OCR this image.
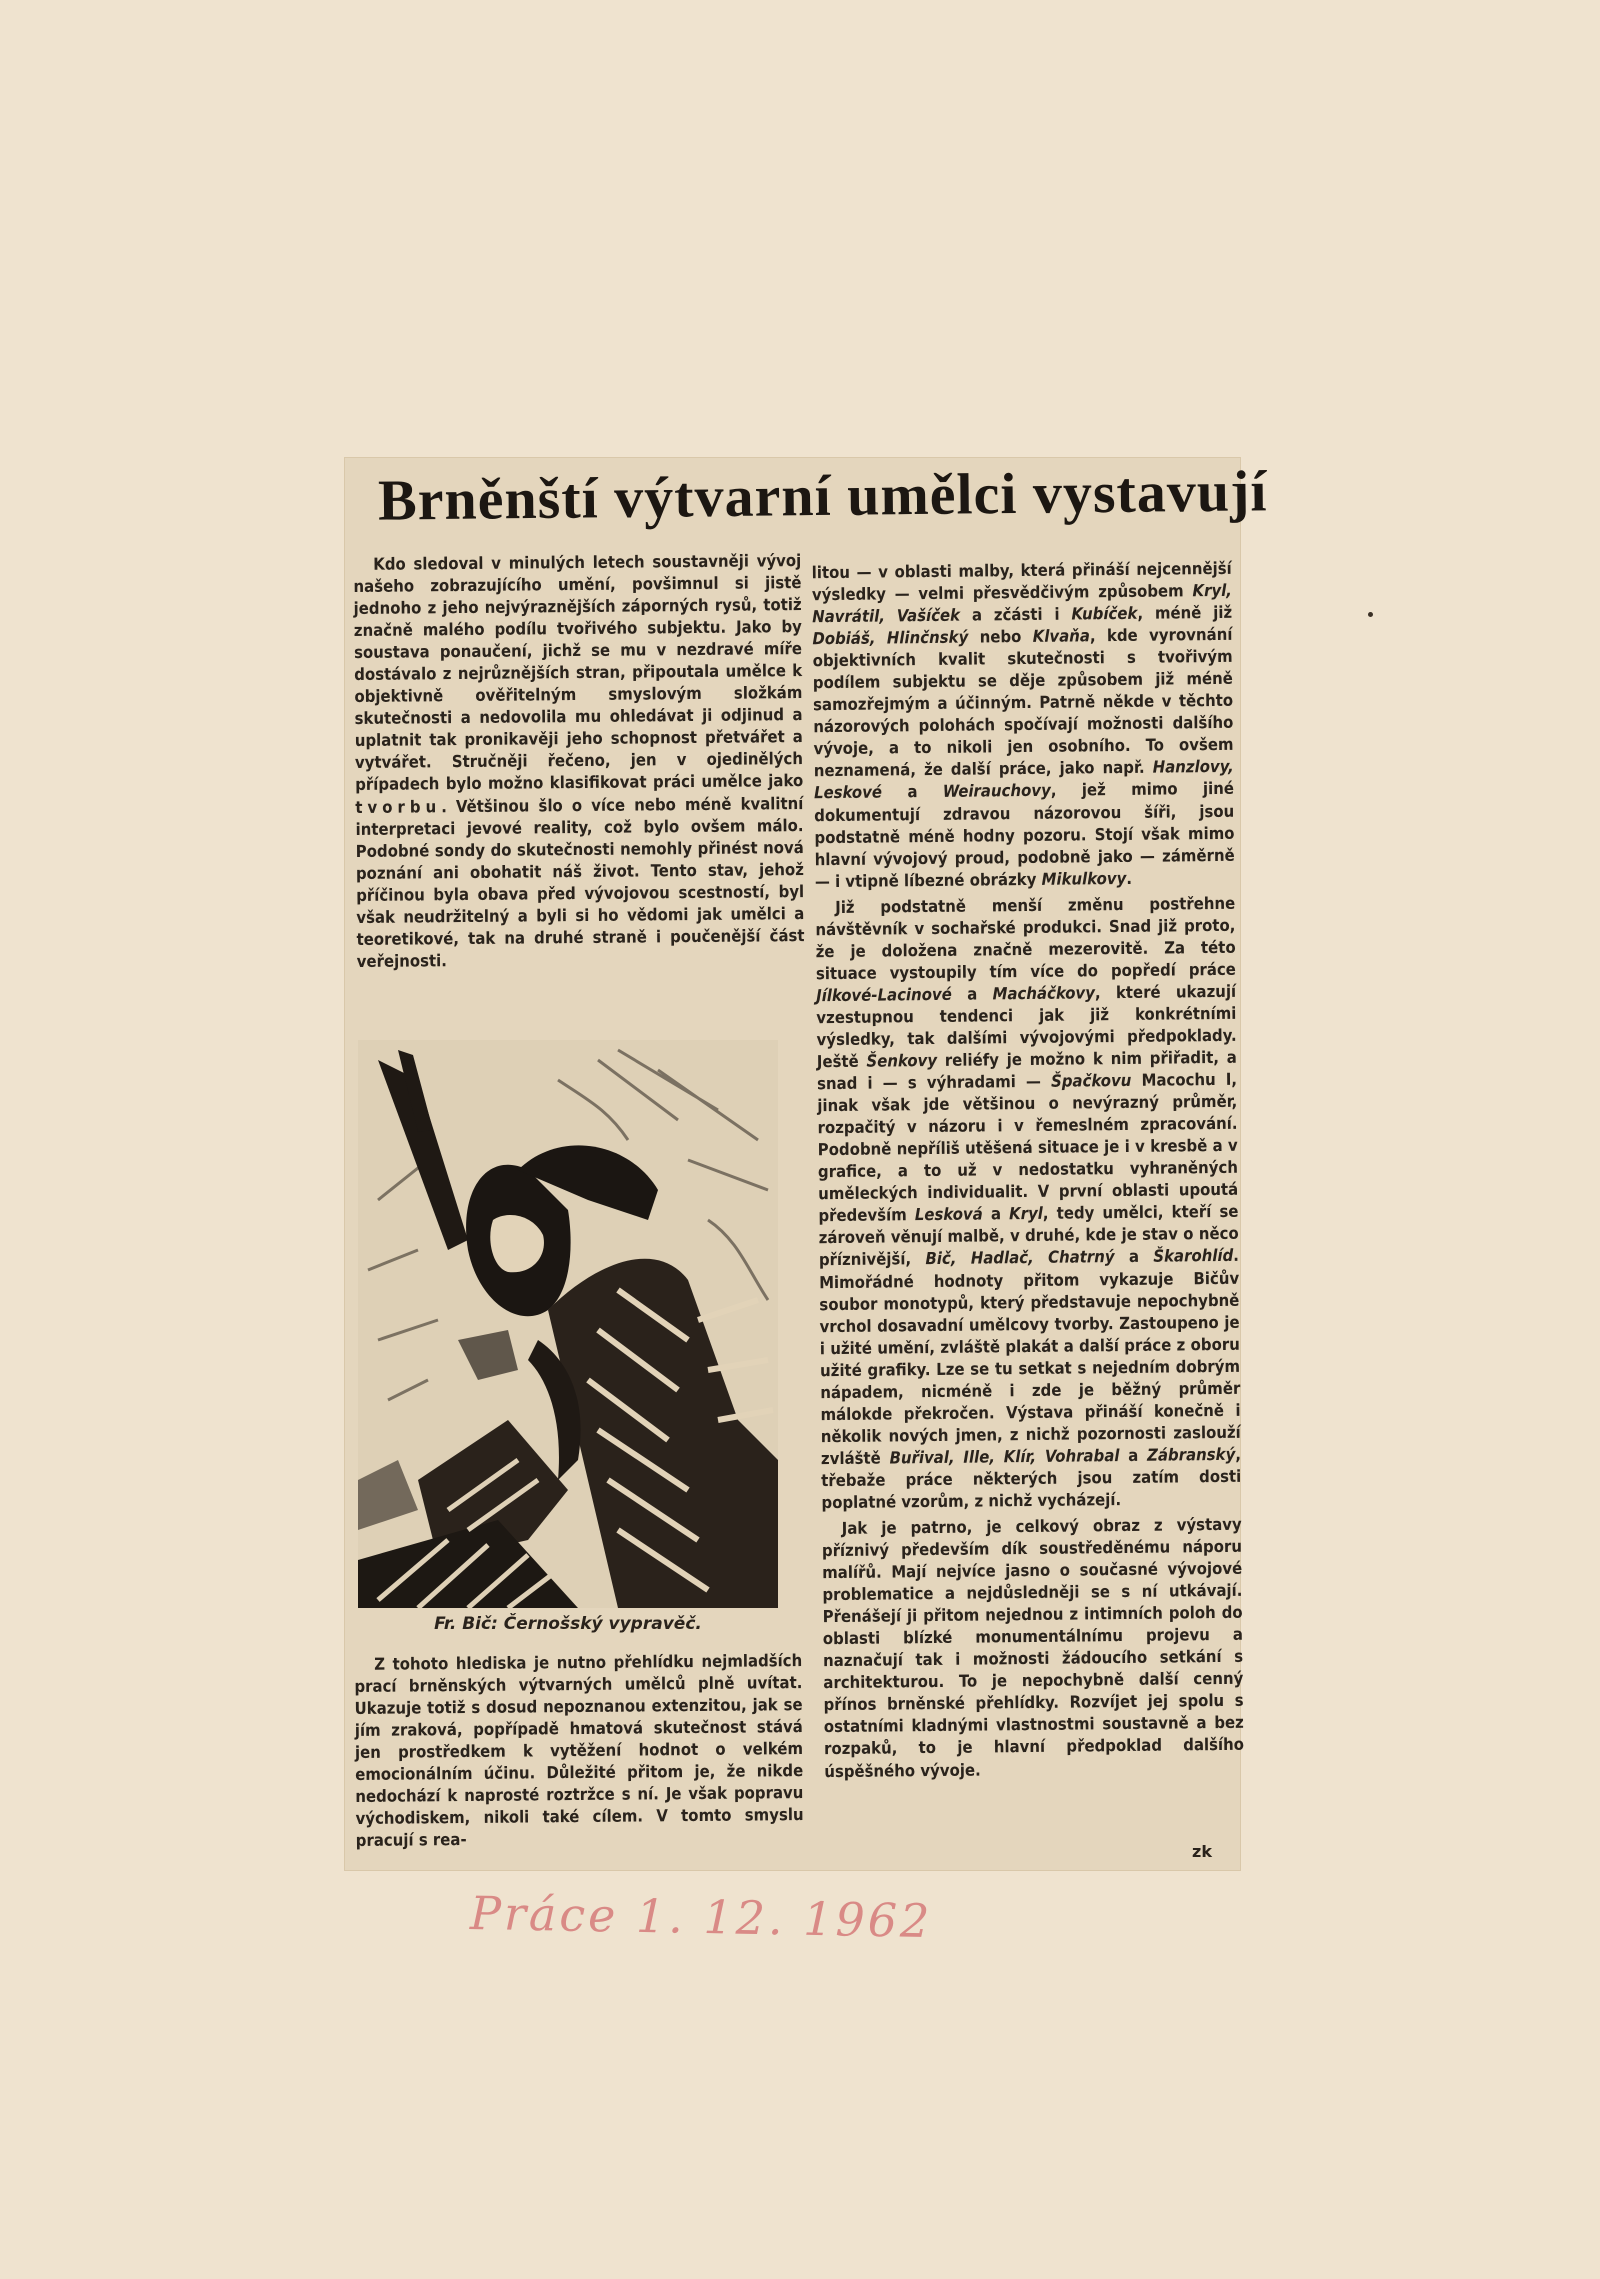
Brněnští výtvarní umělci vystavují

Kdo sledoval v minulých letech soustavněji vývoj našeho zobrazujícího umění, povšimnul si jistě jednoho z jeho nejvýraznějších záporných rysů, totiž značně malého podílu tvořivého subjektu. Jako by soustava ponaučení, jichž se mu v nezdravé míře dostávalo z nejrůznějších stran, připoutala umělce k objektivně ověřitelným smyslovým složkám skutečnosti a nedovolila mu ohledávat ji odjinud a uplatnit tak pronikavěji jeho schopnost přetvářet a vytvářet. Stručněji řečeno, jen v ojedinělých případech bylo možno klasifikovat práci umělce jako tvorbu. Většinou šlo o více nebo méně kvalitní interpretaci jevové reality, což bylo ovšem málo. Podobné sondy do skutečnosti nemohly přinést nová poznání ani obohatit náš život. Tento stav, jehož příčinou byla obava před vývojovou scestností, byl však neudržitelný a byli si ho vědomi jak umělci a teoretikové, tak na druhé straně i poučenější část veřejnosti.

Fr. Bič: Černošský vypravěč.

Z tohoto hlediska je nutno přehlídku nejmladších prací brněnských výtvarných umělců plně uvítat. Ukazuje totiž s dosud nepoznanou extenzitou, jak se jím zraková, popřípadě hmatová skutečnost stává jen prostředkem k vytěžení hodnot o velkém emocionálním účinu. Důležité přitom je, že nikde nedochází k naprosté roztržce s ní. Je však popravu východiskem, nikoli také cílem. V tomto smyslu pracují s rea-

litou — v oblasti malby, která přináší nejcennější výsledky — velmi přesvědčivým způsobem Kryl, Navrátil, Vašíček a zčásti i Kubíček, méně již Dobiáš, Hlinčnský nebo Klvaňa, kde vyrovnání objektivních kvalit skutečnosti s tvořivým podílem subjektu se děje způsobem již méně samozřejmým a účinným. Patrně někde v těchto názorových polohách spočívají možnosti dalšího vývoje, a to nikoli jen osobního. To ovšem neznamená, že další práce, jako např. Hanzlovy, Leskové a Weirauchovy, jež mimo jiné dokumentují zdravou názorovou šíři, jsou podstatně méně hodny pozoru. Stojí však mimo hlavní vývojový proud, podobně jako — záměrně — i vtipně líbezné obrázky Mikulkovy.

Již podstatně menší změnu postřehne návštěvník v sochařské produkci. Snad již proto, že je doložena značně mezerovitě. Za této situace vystoupily tím více do popředí práce Jílkové-Lacinové a Macháčkovy, které ukazují vzestupnou tendenci jak již konkrétními výsledky, tak dalšími vývojovými předpoklady. Ještě Šenkovy reliéfy je možno k nim přiřadit, a snad i — s výhradami — Špačkovu Macochu I, jinak však jde většinou o nevýrazný průměr, rozpačitý v názoru i v řemeslném zpracování. Podobně nepříliš utěšená situace je i v kresbě a v grafice, a to už v nedostatku vyhraněných uměleckých individualit. V první oblasti upoutá především Lesková a Kryl, tedy umělci, kteří se zároveň věnují malbě, v druhé, kde je stav o něco příznivější, Bič, Hadlač, Chatrný a Škarohlíd. Mimořádné hodnoty přitom vykazuje Bičův soubor monotypů, který představuje nepochybně vrchol dosavadní umělcovy tvorby. Zastoupeno je i užité umění, zvláště plakát a další práce z oboru užité grafiky. Lze se tu setkat s nejedním dobrým nápadem, nicméně i zde je běžný průměr málokde překročen. Výstava přináší konečně i několik nových jmen, z nichž pozornosti zaslouží zvláště Buřival, Ille, Klír, Vohrabal a Zábranský, třebaže práce některých jsou zatím dosti poplatné vzorům, z nichž vycházejí.

Jak je patrno, je celkový obraz z výstavy příznivý především dík soustředěnému náporu malířů. Mají nejvíce jasno o současné vývojové problematice a nejdůsledněji se s ní utkávají. Přenášejí ji přitom nejednou z intimních poloh do oblasti blízké monumentálnímu projevu a naznačují tak i možnosti žádoucího setkání s architekturou. To je nepochybně další cenný přínos brněnské přehlídky. Rozvíjet jej spolu s ostatními kladnými vlastnostmi soustavně a bez rozpaků, to je hlavní předpoklad dalšího úspěšného vývoje.

zk
Práce 1. 12. 1962
